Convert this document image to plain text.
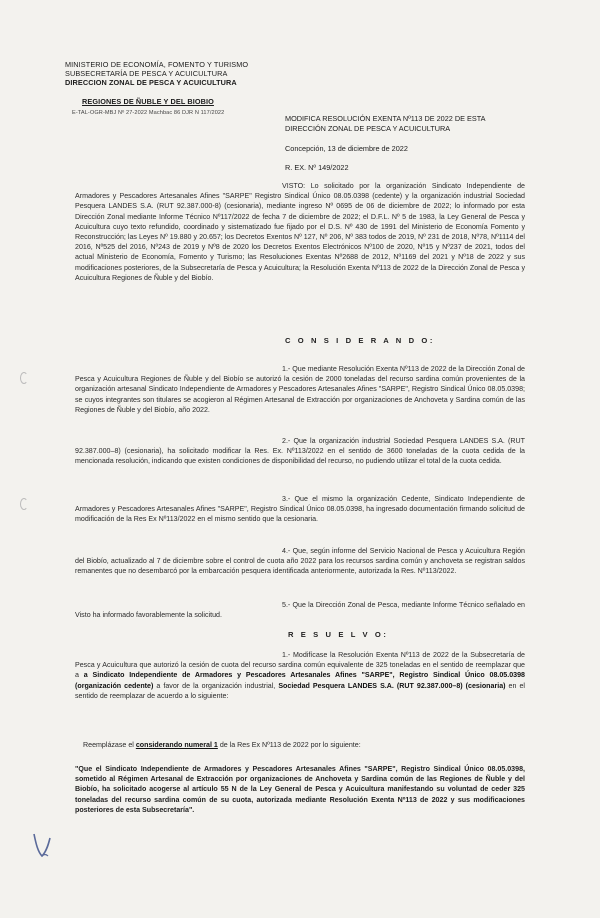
MINISTERIO DE ECONOMÍA, FOMENTO Y TURISMO
SUBSECRETARÍA DE PESCA Y ACUICULTURA
DIRECCION ZONAL DE PESCA Y ACUICULTURA
REGIONES DE ÑUBLE Y DEL BIOBIO
E-TAL-OGR-MBJ Nº 27-2022 Machbac 86 DJR N 117/2022
MODIFICA RESOLUCIÓN EXENTA Nº113 DE 2022 DE ESTA
DIRECCIÓN ZONAL DE PESCA Y ACUICULTURA
Concepción, 13 de diciembre de 2022
R. EX. Nº 149/2022
VISTO: Lo solicitado por la organización Sindicato Independiente de Armadores y Pescadores Artesanales Afines "SARPE" Registro Sindical Único 08.05.0398 (cedente) y la organización industrial Sociedad Pesquera LANDES S.A. (RUT 92.387.000-8) (cesionaria), mediante ingreso Nº 0695 de 06 de diciembre de 2022; lo informado por esta Dirección Zonal mediante Informe Técnico Nº117/2022 de fecha 7 de diciembre de 2022; el D.F.L. Nº 5 de 1983, la Ley General de Pesca y Acuicultura cuyo texto refundido, coordinado y sistematizado fue fijado por el D.S. Nº 430 de 1991 del Ministerio de Economía Fomento y Reconstrucción; las Leyes Nº 19.880 y 20.657; los Decretos Exentos Nº 127, Nº 206, Nº 383 todos de 2019, Nº 231 de 2018, Nº78, Nº1114 del 2016, Nº525 del 2016, Nº243 de 2019 y Nº8 de 2020 los Decretos Exentos Electrónicos Nº100 de 2020, Nº15 y Nº237 de 2021, todos del actual Ministerio de Economía, Fomento y Turismo; las Resoluciones Exentas Nº2688 de 2012, Nº1169 del 2021 y Nº18 de 2022 y sus modificaciones posteriores, de la Subsecretaría de Pesca y Acuicultura; la Resolución Exenta Nº113 de 2022 de la Dirección Zonal de Pesca y Acuicultura Regiones de Ñuble y del Biobío.
C O N S I D E R A N D O:
1.- Que mediante Resolución Exenta Nº113 de 2022 de la Dirección Zonal de Pesca y Acuicultura Regiones de Ñuble y del Biobío se autorizó la cesión de 2000 toneladas del recurso sardina común provenientes de la organización artesanal Sindicato Independiente de Armadores y Pescadores Artesanales Afines "SARPE", Registro Sindical Único 08.05.0398; se cuyos integrantes son titulares se acogieron al Régimen Artesanal de Extracción por organizaciones de Anchoveta y Sardina común de las Regiones de Ñuble y del Biobío, año 2022.
2.- Que la organización industrial Sociedad Pesquera LANDES S.A. (RUT 92.387.000–8) (cesionaria), ha solicitado modificar la Res. Ex. Nº113/2022 en el sentido de 3600 toneladas de la cuota cedida de la mencionada resolución, indicando que existen condiciones de disponibilidad del recurso, no pudiendo utilizar el total de la cuota cedida.
3.- Que el mismo la organización Cedente, Sindicato Independiente de Armadores y Pescadores Artesanales Afines "SARPE", Registro Sindical Único 08.05.0398, ha ingresado documentación firmando solicitud de modificación de la Res Ex Nº113/2022 en el mismo sentido que la cesionaria.
4.- Que, según informe del Servicio Nacional de Pesca y Acuicultura Región del Biobío, actualizado al 7 de diciembre sobre el control de cuota año 2022 para los recursos sardina común y anchoveta se registran saldos remanentes que no desembarcó por la embarcación pesquera identificada anteriormente, autorizada la Res. Nº113/2022.
5.- Que la Dirección Zonal de Pesca, mediante Informe Técnico señalado en Visto ha informado favorablemente la solicitud.
R E S U E L V O:
1.- Modifícase la Resolución Exenta Nº113 de 2022 de la Subsecretaría de Pesca y Acuicultura que autorizó la cesión de cuota del recurso sardina común equivalente de 325 toneladas en el sentido de reemplazar que a a Sindicato Independiente de Armadores y Pescadores Artesanales Afines "SARPE", Registro Sindical Único 08.05.0398 (organización cedente) a favor de la organización industrial, Sociedad Pesquera LANDES S.A. (RUT 92.387.000–8) (cesionaria) en el sentido de reemplazar de acuerdo a lo siguiente:
Reemplázase el considerando numeral 1 de la Res Ex Nº113 de 2022 por lo siguiente:
"Que el Sindicato Independiente de Armadores y Pescadores Artesanales Afines "SARPE", Registro Sindical Único 08.05.0398, sometido al Régimen Artesanal de Extracción por organizaciones de Anchoveta y Sardina común de las Regiones de Ñuble y del Biobío, ha solicitado acogerse al artículo 55 N de la Ley General de Pesca y Acuicultura manifestando su voluntad de ceder 325 toneladas del recurso sardina común de su cuota, autorizada mediante Resolución Exenta Nº113 de 2022 y sus modificaciones posteriores de esta Subsecretaría".
